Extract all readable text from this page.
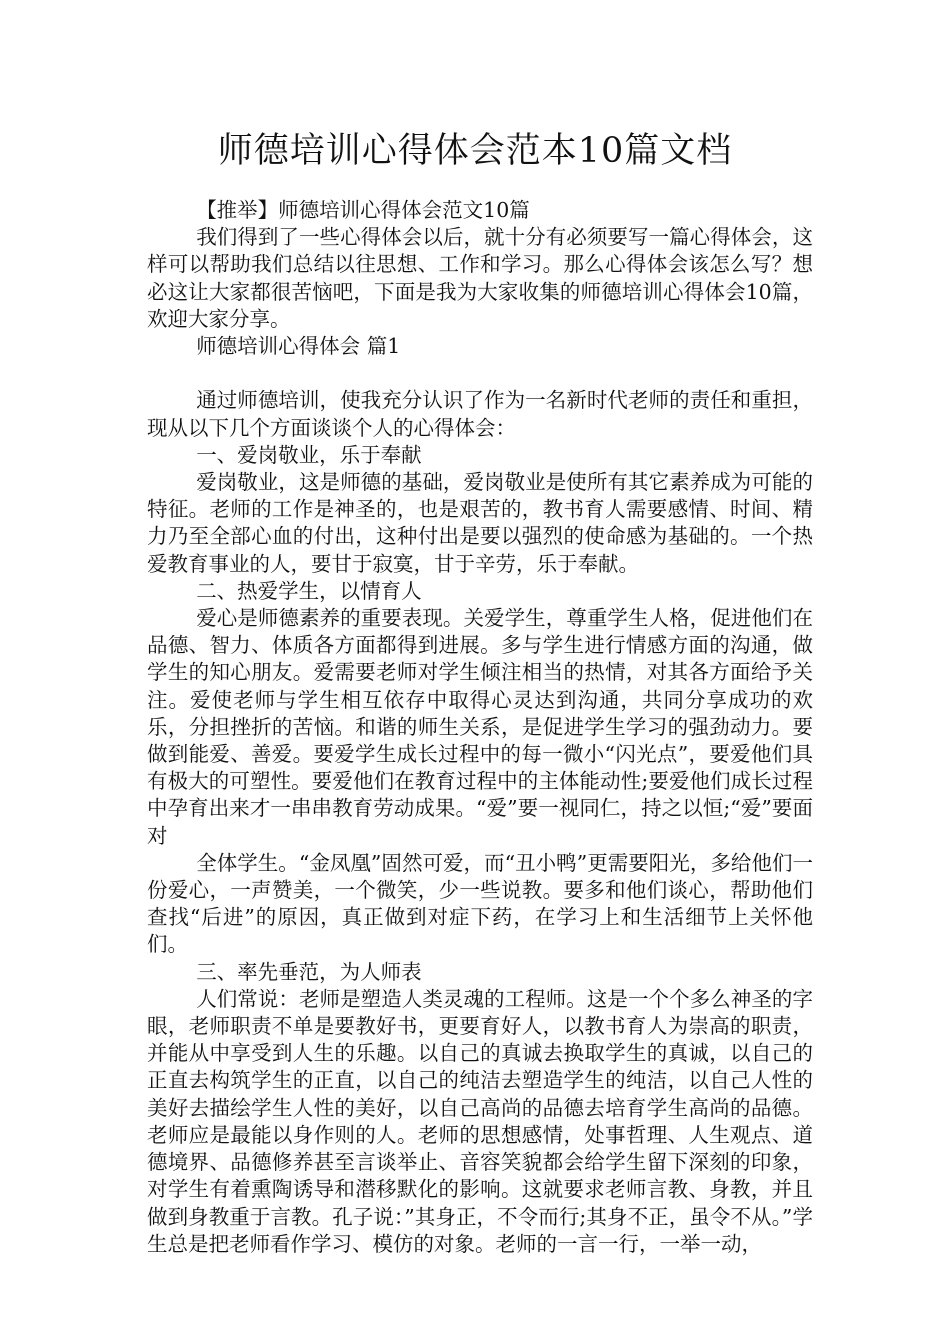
师德培训心得体会范本10篇文档

【推举】师德培训心得体会范文10篇

我们得到了一些心得体会以后，就十分有必须要写一篇心得体会，这样可以帮助我们总结以往思想、工作和学习。那么心得体会该怎么写？想必这让大家都很苦恼吧，下面是我为大家收集的师德培训心得体会10篇，欢迎大家分享。

师德培训心得体会 篇1

通过师德培训，使我充分认识了作为一名新时代老师的责任和重担，现从以下几个方面谈谈个人的心得体会：

一、爱岗敬业，乐于奉献

爱岗敬业，这是师德的基础，爱岗敬业是使所有其它素养成为可能的特征。老师的工作是神圣的，也是艰苦的，教书育人需要感情、时间、精力乃至全部心血的付出，这种付出是要以强烈的使命感为基础的。一个热爱教育事业的人，要甘于寂寞，甘于辛劳，乐于奉献。

二、热爱学生，以情育人

爱心是师德素养的重要表现。关爱学生，尊重学生人格，促进他们在品德、智力、体质各方面都得到进展。多与学生进行情感方面的沟通，做学生的知心朋友。爱需要老师对学生倾注相当的热情，对其各方面给予关注。爱使老师与学生相互依存中取得心灵达到沟通，共同分享成功的欢乐，分担挫折的苦恼。和谐的师生关系，是促进学生学习的强劲动力。要做到能爱、善爱。要爱学生成长过程中的每一微小“闪光点”，要爱他们具有极大的可塑性。要爱他们在教育过程中的主体能动性;要爱他们成长过程中孕育出来才一串串教育劳动成果。“爱”要一视同仁，持之以恒;“爱”要面对

全体学生。“金凤凰”固然可爱，而“丑小鸭”更需要阳光，多给他们一份爱心，一声赞美，一个微笑，少一些说教。要多和他们谈心，帮助他们查找“后进”的原因，真正做到对症下药，在学习上和生活细节上关怀他们。

三、率先垂范，为人师表

人们常说：老师是塑造人类灵魂的工程师。这是一个个多么神圣的字眼，老师职责不单是要教好书，更要育好人，以教书育人为崇高的职责，并能从中享受到人生的乐趣。以自己的真诚去换取学生的真诚，以自己的正直去构筑学生的正直，以自己的纯洁去塑造学生的纯洁，以自己人性的美好去描绘学生人性的美好，以自己高尚的品德去培育学生高尚的品德。老师应是最能以身作则的人。老师的思想感情，处事哲理、人生观点、道德境界、品德修养甚至言谈举止、音容笑貌都会给学生留下深刻的印象，对学生有着熏陶诱导和潜移默化的影响。这就要求老师言教、身教，并且做到身教重于言教。孔子说：”其身正，不令而行;其身不正，虽令不从。”学生总是把老师看作学习、模仿的对象。老师的一言一行，一举一动，
